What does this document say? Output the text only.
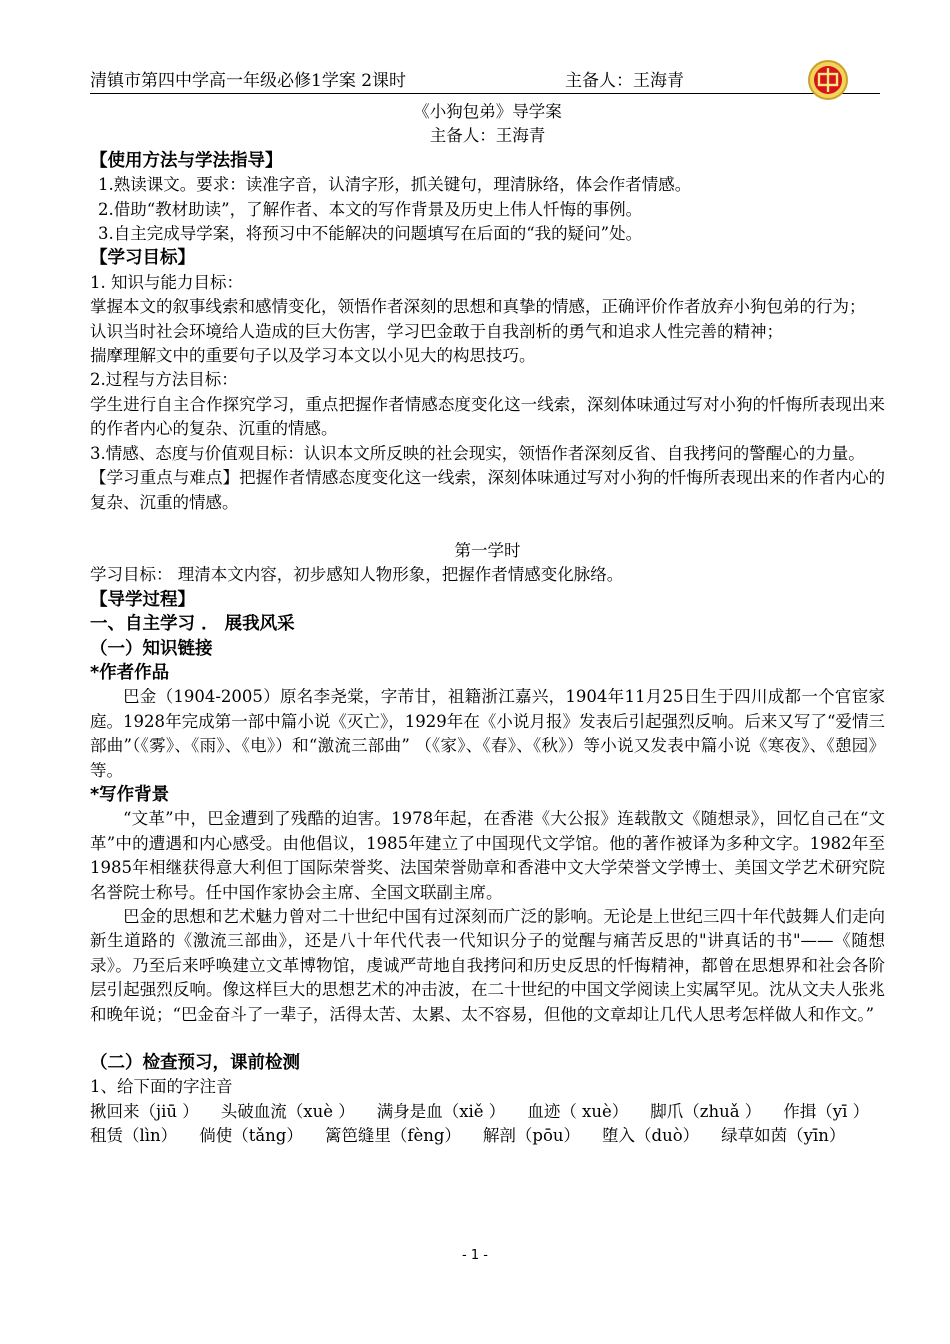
清镇市第四中学高一年级必修1学案 2课时	主备人：王海青
《小狗包弟》导学案
主备人：王海青
【使用方法与学法指导】
1.熟读课文。要求：读准字音，认清字形，抓关键句，理清脉络，体会作者情感。
2.借助“教材助读”，了解作者、本文的写作背景及历史上伟人忏悔的事例。
3.自主完成导学案，将预习中不能解决的问题填写在后面的“我的疑问”处。
【学习目标】
1. 知识与能力目标：
掌握本文的叙事线索和感情变化，领悟作者深刻的思想和真挚的情感，正确评价作者放弃小狗包弟的行为；
认识当时社会环境给人造成的巨大伤害，学习巴金敢于自我剖析的勇气和追求人性完善的精神；
揣摩理解文中的重要句子以及学习本文以小见大的构思技巧。
2.过程与方法目标：
学生进行自主合作探究学习，重点把握作者情感态度变化这一线索，深刻体味通过写对小狗的忏悔所表现出来的作者内心的复杂、沉重的情感。
3.情感、态度与价值观目标：认识本文所反映的社会现实，领悟作者深刻反省、自我拷问的警醒心的力量。
【学习重点与难点】把握作者情感态度变化这一线索，深刻体味通过写对小狗的忏悔所表现出来的作者内心的复杂、沉重的情感。
第一学时
学习目标： 理清本文内容，初步感知人物形象，把握作者情感变化脉络。
【导学过程】
一、自主学习 ． 展我风采
（一）知识链接
*作者作品
巴金（1904-2005）原名李尧棠，字芾甘，祖籍浙江嘉兴，1904年11月25日生于四川成都一个官宦家庭。1928年完成第一部中篇小说《灭亡》，1929年在《小说月报》发表后引起强烈反响。后来又写了“爱情三部曲”（《雾》、《雨》、《电》）和“激流三部曲” （《家》、《春》、《秋》）等小说又发表中篇小说《寒夜》、《憩园》等。
*写作背景
“文革”中，巴金遭到了残酷的迫害。1978年起，在香港《大公报》连载散文《随想录》，回忆自己在“文革”中的遭遇和内心感受。由他倡议，1985年建立了中国现代文学馆。他的著作被译为多种文字。1982年至1985年相继获得意大利但丁国际荣誉奖、法国荣誉勋章和香港中文大学荣誉文学博士、美国文学艺术研究院名誉院士称号。任中国作家协会主席、全国文联副主席。
巴金的思想和艺术魅力曾对二十世纪中国有过深刻而广泛的影响。无论是上世纪三四十年代鼓舞人们走向新生道路的《激流三部曲》，还是八十年代代表一代知识分子的觉醒与痛苦反思的"讲真话的书"——《随想录》。乃至后来呼唤建立文革博物馆，虔诚严苛地自我拷问和历史反思的忏悔精神，都曾在思想界和社会各阶层引起强烈反响。像这样巨大的思想艺术的冲击波，在二十世纪的中国文学阅读上实属罕见。沈从文夫人张兆和晚年说；“巴金奋斗了一辈子，活得太苦、太累、太不容易，但他的文章却让几代人思考怎样做人和作文。”
（二）检查预习，课前检测
1、给下面的字注音
揪回来（jiū ） 头破血流（xuè ） 满身是血（xiě ） 血迹（ xuè） 脚爪（zhuǎ ） 作揖（yī ）
租赁（lìn） 倘使（tǎng） 篱笆缝里（fèng） 解剖（pōu） 堕入（duò） 绿草如茵（yīn）
- 1 -
